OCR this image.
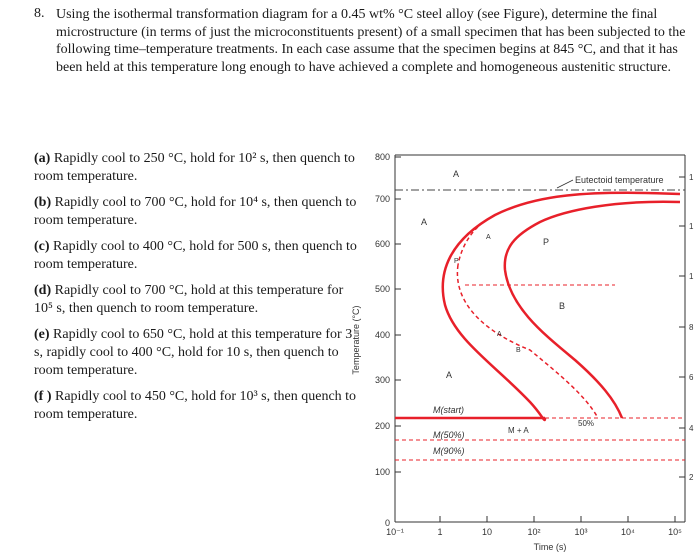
8. Using the isothermal transformation diagram for a 0.45 wt% °C steel alloy (see Figure), determine the final microstructure (in terms of just the microconstituents present) of a small specimen that has been subjected to the following time–temperature treatments. In each case assume that the specimen begins at 845 °C, and that it has been held at this temperature long enough to have achieved a complete and homogeneous austenitic structure.
(a) Rapidly cool to 250 °C, hold for 10² s, then quench to room temperature.
(b) Rapidly cool to 700 °C, hold for 10⁴ s, then quench to room temperature.
(c) Rapidly cool to 400 °C, hold for 500 s, then quench to room temperature.
(d) Rapidly cool to 700 °C, hold at this temperature for 10⁵ s, then quench to room temperature.
(e) Rapidly cool to 650 °C, hold at this temperature for 3 s, rapidly cool to 400 °C, hold for 10 s, then quench to room temperature.
(f ) Rapidly cool to 450 °C, hold for 10³ s, then quench to room temperature.
0
100
200
300
400
500
600
700
800
Temperature (°C)
10⁻¹	1	10	10²	10³	10⁴	10⁵
Time (s)
1
1
1
8
6
4
2
Eutectoid temperature
A
A
A
A
P
A
B
P
B
M(start)
M(50%)
M(90%)
M + A
50%
